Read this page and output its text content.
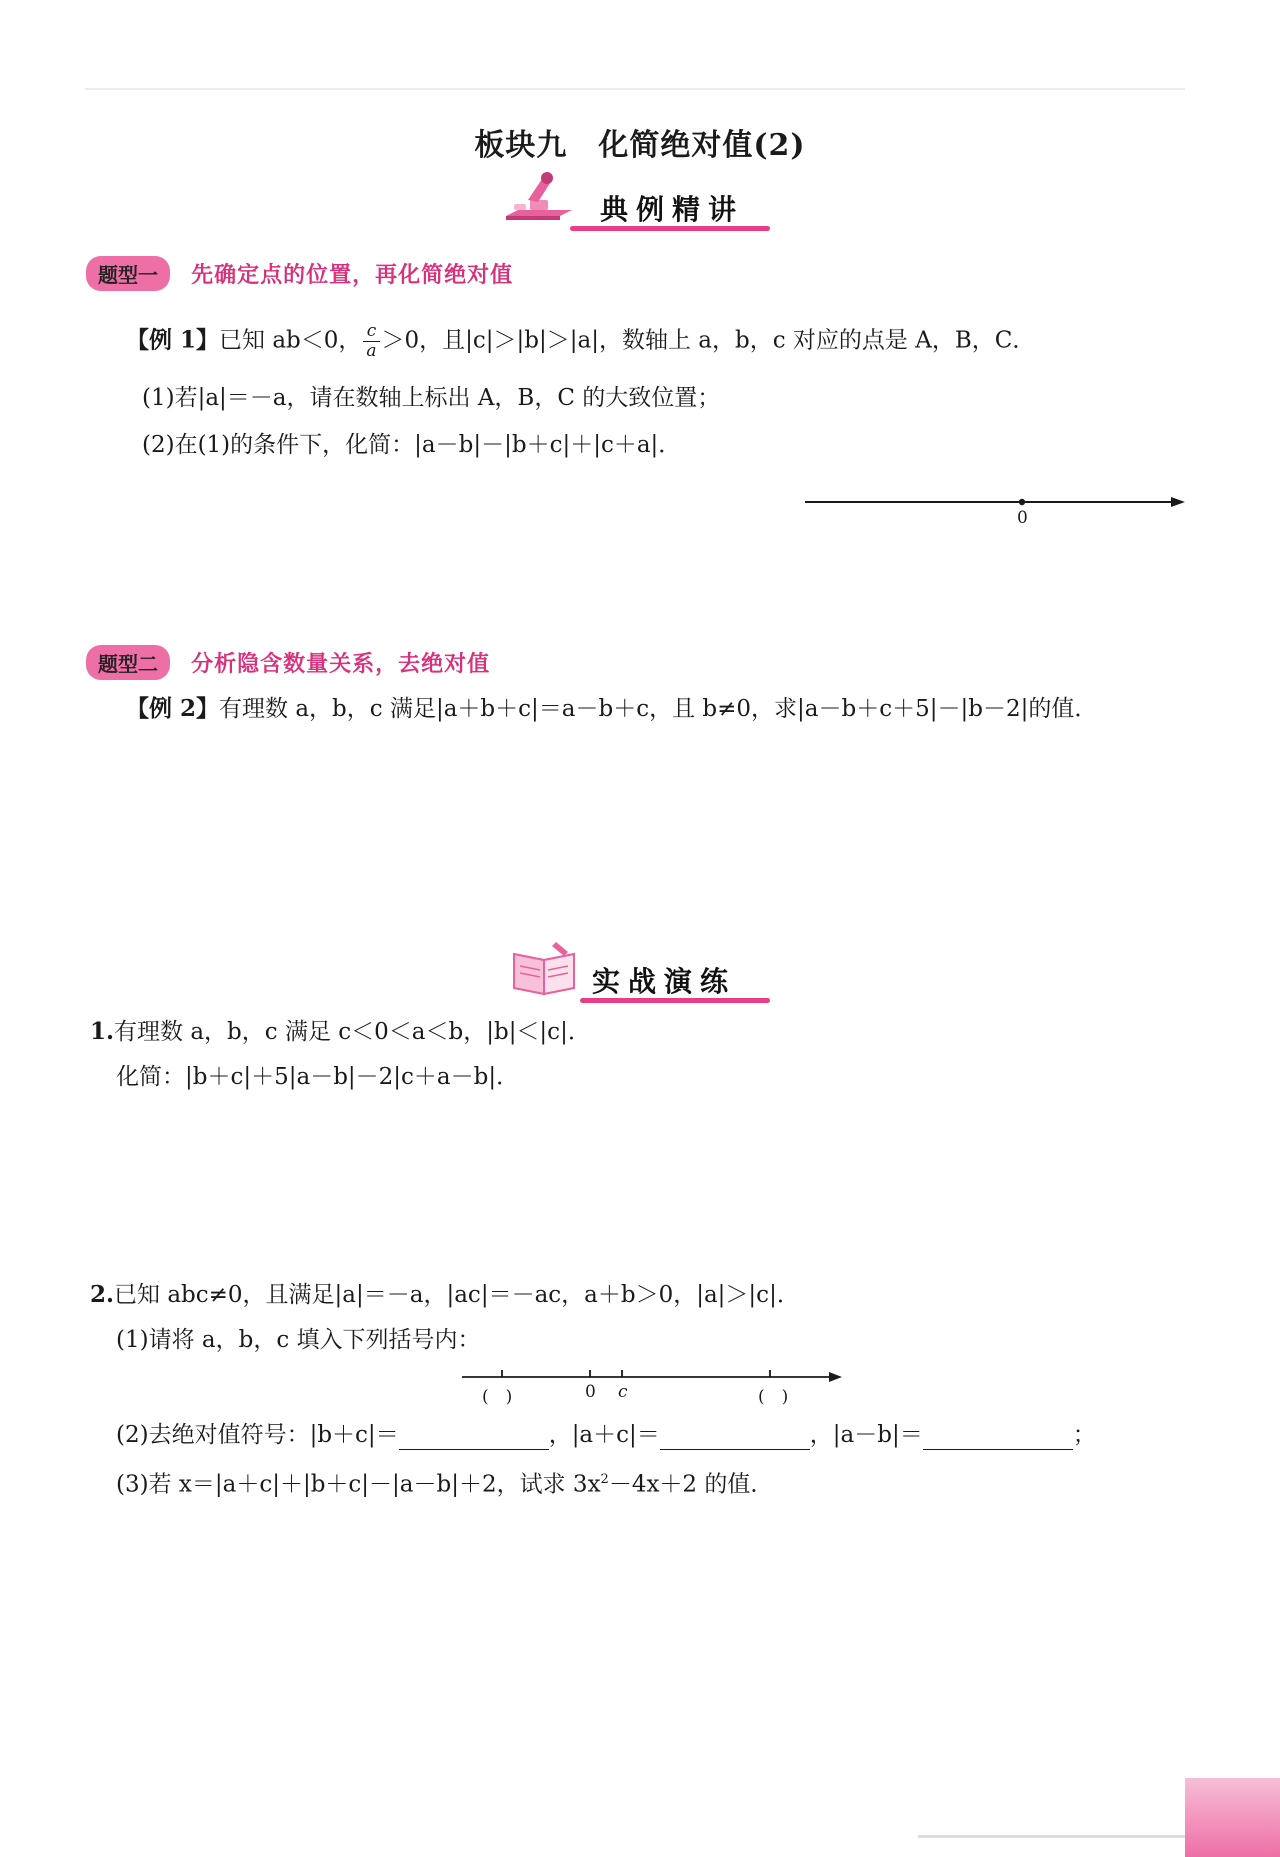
板块九　化简绝对值(2)
典例精讲
题型一 先确定点的位置，再化简绝对值
【例 1】已知 ab＜0， $\frac{c}{a} >0$，且|c|＞|b|＞|a|，数轴上 a，b，c 对应的点是 A，B，C．
(1)若|a|＝－a，请在数轴上标出 A，B，C 的大致位置；
(2)在(1)的条件下，化简：|a－b|－|b＋c|＋|c＋a|．
0
题型二 分析隐含数量关系，去绝对值
【例 2】有理数 a，b，c 满足|a＋b＋c|＝a－b＋c，且 b≠0，求|a－b＋c＋5|－|b－2|的值．
实战演练
1.有理数 a，b，c 满足 c＜0＜a＜b，|b|＜|c|．
化简：|b＋c|＋5|a－b|－2|c＋a－b|．
2.已知 abc≠0，且满足|a|＝－a，|ac|＝－ac，a＋b＞0，|a|＞|c|．
(1)请将 a，b，c 填入下列括号内：
(　)	0 c	(　)
(2)去绝对值符号：|b＋c|＝	，|a＋c|＝	，|a－b|＝	；
(3)若 x＝|a＋c|＋|b＋c|－|a－b|＋2，试求 $3x^2-4x+2$ 的值．
